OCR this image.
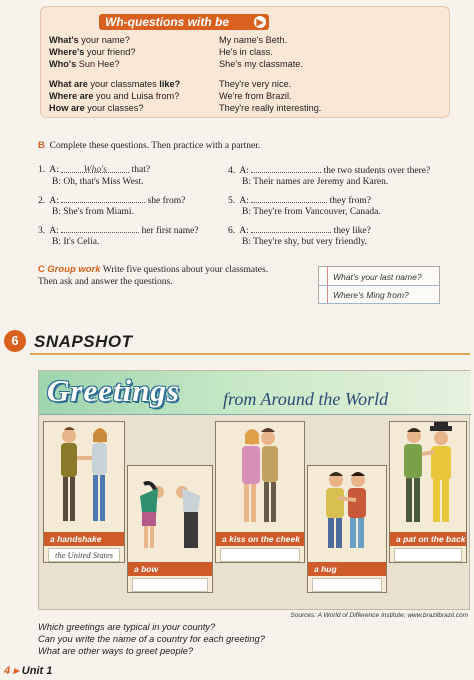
Wh-questions with be	▶
What's your name?	My name's Beth.
Where's your friend?	He's in class.
Who's Sun Hee?	She's my classmate.
What are your classmates like?	They're very nice.
Where are you and Luisa from?	We're from Brazil.
How are your classes?	They're really interesting.
B Complete these questions. Then practice with a partner.
1. A:	Who's	that?
B: Oh, that's Miss West.
2. A:	she from?
B: She's from Miami.
3. A:	her first name?
B: It's Celia.
4. A:	the two students over there?
B: Their names are Jeremy and Karen.
5. A:	they from?
B: They're from Vancouver, Canada.
6. A:	they like?
B: They're shy, but very friendly.
C Group work Write five questions about your classmates.
Then ask and answer the questions.	What's your last name?
Where's Ming from?
6 SNAPSHOT
Greetings from Around the World
a handshake
the United States
a bow
a kiss on the cheek
a hug
a pat on the back
Sources: A World of Difference Institute; www.brazilbrazil.com
Which greetings are typical in your county?
Can you write the name of a country for each greeting?
What are other ways to greet people?
4 ▸ Unit 1
